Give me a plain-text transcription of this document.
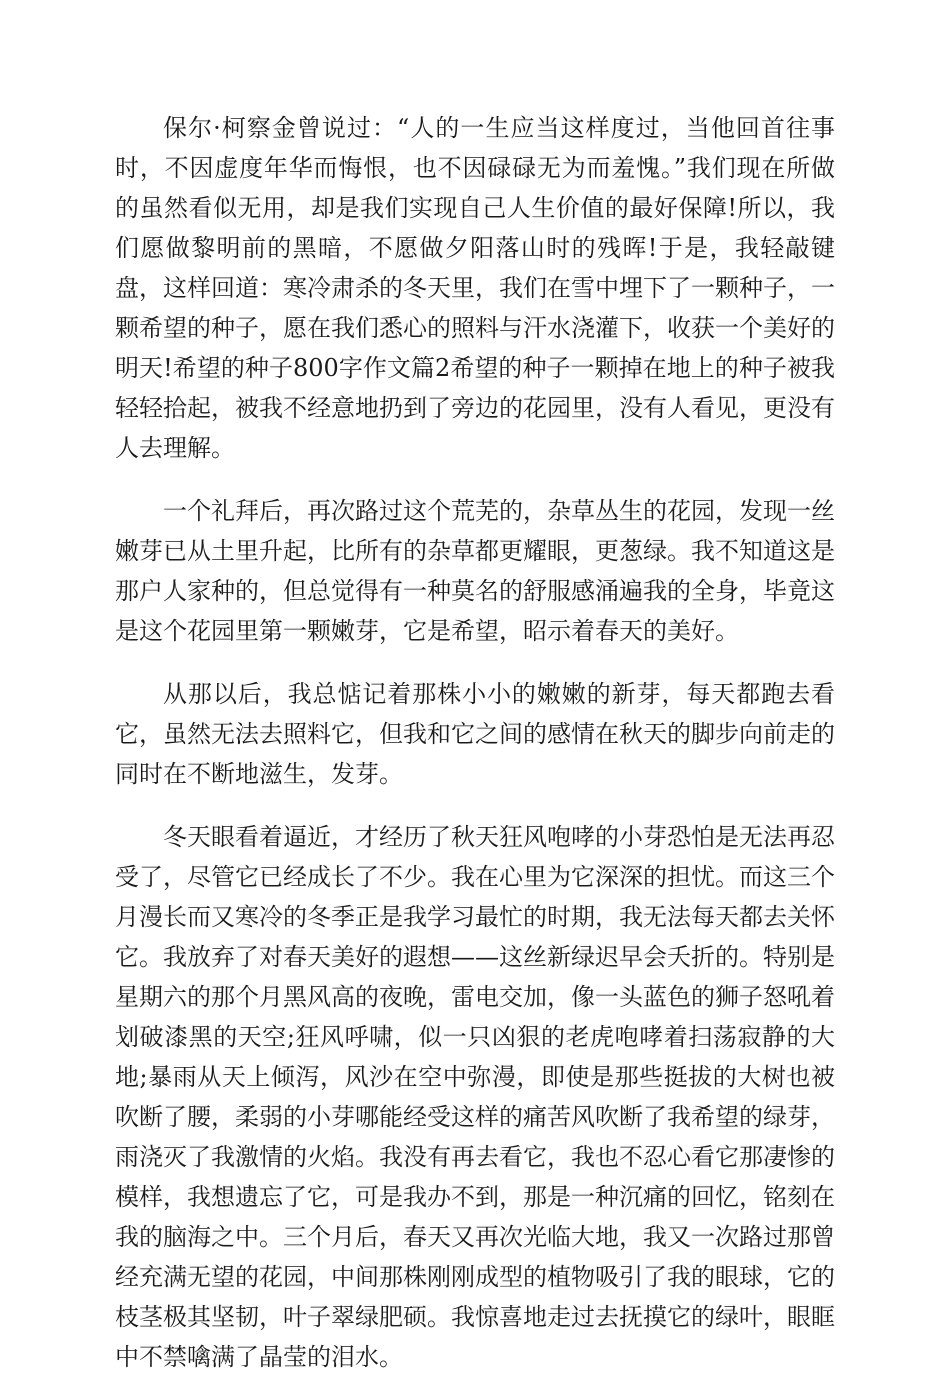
保尔·柯察金曾说过：“人的一生应当这样度过，当他回首往事时，不因虚度年华而悔恨，也不因碌碌无为而羞愧。”我们现在所做的虽然看似无用，却是我们实现自己人生价值的最好保障!所以，我们愿做黎明前的黑暗，不愿做夕阳落山时的残晖!于是，我轻敲键盘，这样回道：寒冷肃杀的冬天里，我们在雪中埋下了一颗种子，一颗希望的种子，愿在我们悉心的照料与汗水浇灌下，收获一个美好的明天!希望的种子800字作文篇2希望的种子一颗掉在地上的种子被我轻轻拾起，被我不经意地扔到了旁边的花园里，没有人看见，更没有人去理解。

一个礼拜后，再次路过这个荒芜的，杂草丛生的花园，发现一丝嫩芽已从土里升起，比所有的杂草都更耀眼，更葱绿。我不知道这是那户人家种的，但总觉得有一种莫名的舒服感涌遍我的全身，毕竟这是这个花园里第一颗嫩芽，它是希望，昭示着春天的美好。

从那以后，我总惦记着那株小小的嫩嫩的新芽，每天都跑去看它，虽然无法去照料它，但我和它之间的感情在秋天的脚步向前走的同时在不断地滋生，发芽。

冬天眼看着逼近，才经历了秋天狂风咆哮的小芽恐怕是无法再忍受了，尽管它已经成长了不少。我在心里为它深深的担忧。而这三个月漫长而又寒冷的冬季正是我学习最忙的时期，我无法每天都去关怀它。我放弃了对春天美好的遐想——这丝新绿迟早会夭折的。特别是星期六的那个月黑风高的夜晚，雷电交加，像一头蓝色的狮子怒吼着划破漆黑的天空;狂风呼啸，似一只凶狠的老虎咆哮着扫荡寂静的大地;暴雨从天上倾泻，风沙在空中弥漫，即使是那些挺拔的大树也被吹断了腰，柔弱的小芽哪能经受这样的痛苦风吹断了我希望的绿芽，雨浇灭了我激情的火焰。我没有再去看它，我也不忍心看它那凄惨的模样，我想遗忘了它，可是我办不到，那是一种沉痛的回忆，铭刻在我的脑海之中。三个月后，春天又再次光临大地，我又一次路过那曾经充满无望的花园，中间那株刚刚成型的植物吸引了我的眼球，它的枝茎极其坚韧，叶子翠绿肥硕。我惊喜地走过去抚摸它的绿叶，眼眶中不禁噙满了晶莹的泪水。
